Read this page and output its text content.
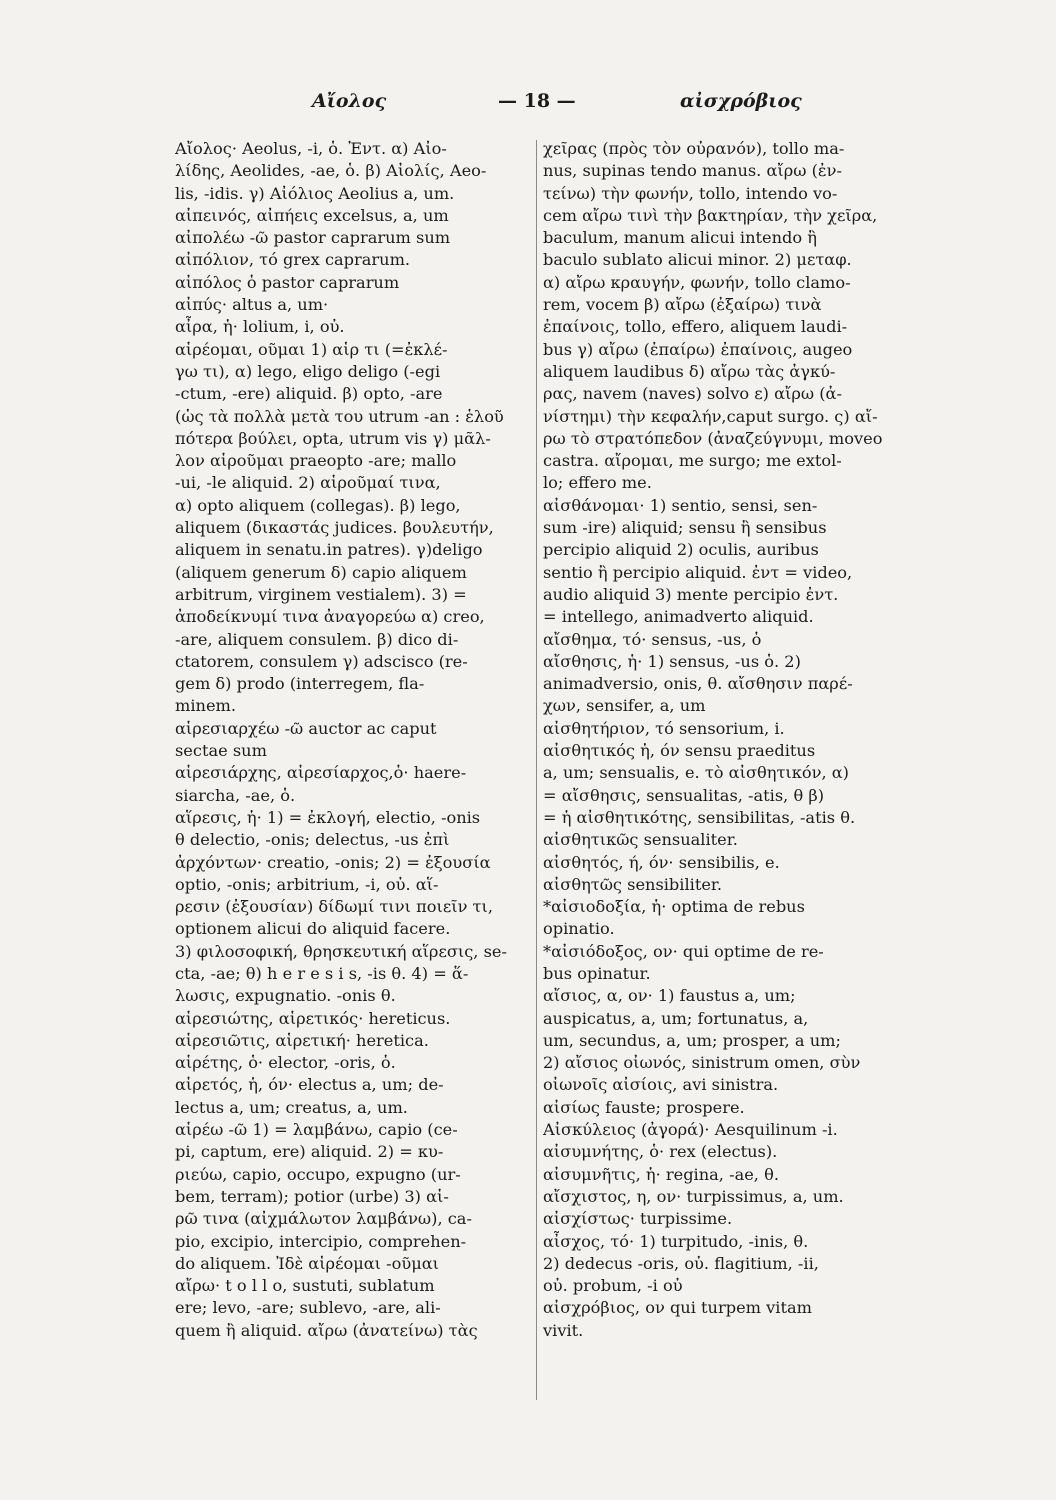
Αἴολος	— 18 —	αἰσχρόβιος
Αἴολος· Aeolus, -i, ὁ. Ἐντ. α) Αἰο-
λίδης, Aeolides, -ae, ὁ. β) Αἰολίς, Aeo-
lis, -idis. γ) Αἰόλιος Aeolius a, um.
αἰπεινός, αἰπήεις excelsus, a, um
αἰπολέω -ῶ pastor caprarum sum
αἰπόλιον, τό grex caprarum.
αἰπόλος ὁ pastor caprarum
αἰπύς· altus a, um·
αἶρα, ἡ· lolium, i, οὐ.
αἱρέομαι, οῦμαι 1) αἱρ τι (=ἐκλέ-
γω τι), α) lego, eligo deligo (-egi
-ctum, -ere) aliquid. β) opto, -are
(ὡς τὰ πολλὰ μετὰ του utrum -an : ἑλοῦ
πότερα βούλει, opta, utrum vis γ) μᾶλ-
λον αἱροῦμαι praeopto -are; mallo
-ui, -le aliquid. 2) αἱροῦμαί τινα,
α) opto aliquem (collegas). β) lego,
aliquem (δικαστάς judices. βουλευτήν,
aliquem in senatu.in patres). γ)deligo
(aliquem generum δ) capio aliquem
arbitrum, virginem vestialem). 3) =
ἀποδείκνυμί τινα ἀναγορεύω α) creo,
-are, aliquem consulem. β) dico di-
ctatorem, consulem γ) adscisco (re-
gem δ) prodo (interregem, fla-
minem.
αἱρεσιαρχέω -ῶ auctor ac caput
sectae sum
αἱρεσιάρχης, αἱρεσίαρχος,ὁ· haere-
siarcha, -ae, ὁ.
αἵρεσις, ἡ· 1) = ἐκλογή, electio, -onis
θ delectio, -onis; delectus, -us ἐπὶ
ἀρχόντων· creatio, -onis; 2) = ἐξουσία
optio, -onis; arbitrium, -i, οὐ. αἵ-
ρεσιν (ἐξουσίαν) δίδωμί τινι ποιεῖν τι,
optionem alicui do aliquid facere.
3) φιλοσοφική, θρησκευτική αἵρεσις, se-
cta, -ae; θ) h e r e s i s, -is θ. 4) = ἅ-
λωσις, expugnatio. -onis θ.
αἱρεσιώτης, αἱρετικός· hereticus.
αἱρεσιῶτις, αἱρετική· heretica.
αἱρέτης, ὁ· elector, -oris, ὁ.
αἱρετός, ἡ, όν· electus a, um; de-
lectus a, um; creatus, a, um.
αἱρέω -ῶ 1) = λαμβάνω, capio (ce-
pi, captum, ere) aliquid. 2) = κυ-
ριεύω, capio, occupo, expugno (ur-
bem, terram); potior (urbe) 3) αἱ-
ρῶ τινα (αἰχμάλωτον λαμβάνω), ca-
pio, excipio, intercipio, comprehen-
do aliquem. Ἰδὲ αἱρέομαι -οῦμαι
αἴρω· t o l l o, sustuti, sublatum
ere; levo, -are; sublevo, -are, ali-
quem ἢ aliquid. αἴρω (ἀνατείνω) τὰς
χεῖρας (πρὸς τὸν οὐρανόν), tollo ma-
nus, supinas tendo manus. αἴρω (ἐν-
τείνω) τὴν φωνήν, tollo, intendo vo-
cem αἴρω τινὶ τὴν βακτηρίαν, τὴν χεῖρα,
baculum, manum alicui intendo ἢ
baculo sublato alicui minor. 2) μεταφ.
α) αἴρω κραυγήν, φωνήν, tollo clamo-
rem, vocem β) αἴρω (ἐξαίρω) τινὰ
ἐπαίνοις, tollo, effero, aliquem laudi-
bus γ) αἴρω (ἐπαίρω) ἐπαίνοις, augeo
aliquem laudibus δ) αἴρω τὰς ἀγκύ-
ρας, navem (naves) solvo ε) αἴρω (ἀ-
νίστημι) τὴν κεφαλήν,caput surgo. ς) αἴ-
ρω τὸ στρατόπεδον (ἀναζεύγνυμι, moveo
castra. αἴρομαι, me surgo; me extol-
lo; effero me.
αἰσθάνομαι· 1) sentio, sensi, sen-
sum -ire) aliquid; sensu ἢ sensibus
percipio aliquid 2) oculis, auribus
sentio ἢ percipio aliquid. ἐντ = video,
audio aliquid 3) mente percipio ἐντ.
= intellego, animadverto aliquid.
αἴσθημα, τό· sensus, -us, ὁ
αἴσθησις, ἡ· 1) sensus, -us ὁ. 2)
animadversio, onis, θ. αἴσθησιν παρέ-
χων, sensifer, a, um
αἰσθητήριον, τό sensorium, i.
αἰσθητικός ἡ, όν sensu praeditus
a, um; sensualis, e. τὸ αἰσθητικόν, α)
= αἴσθησις, sensualitas, -atis, θ β)
= ἡ αἰσθητικότης, sensibilitas, -atis θ.
αἰσθητικῶς sensualiter.
αἰσθητός, ή, όν· sensibilis, e.
αἰσθητῶς sensibiliter.
*αἰσιοδοξία, ἡ· optima de rebus
opinatio.
*αἰσιόδοξος, ον· qui optime de re-
bus opinatur.
αἴσιος, α, ον· 1) faustus a, um;
auspicatus, a, um; fortunatus, a,
um, secundus, a, um; prosper, a um;
2) αἴσιος οἰωνός, sinistrum omen, σὺν
οἰωνοῖς αἰσίοις, avi sinistra.
αἰσίως fauste; prospere.
Αἰσκύλειος (ἀγορά)· Aesquilinum -i.
αἰσυμνήτης, ὁ· rex (electus).
αἰσυμνῆτις, ἡ· regina, -ae, θ.
αἴσχιστος, η, ον· turpissimus, a, um.
αἰσχίστως· turpissime.
αἶσχος, τό· 1) turpitudo, -inis, θ.
2) dedecus -oris, οὐ. flagitium, -ii,
οὐ. probum, -i οὐ
αἰσχρόβιος, ον qui turpem vitam
vivit.
